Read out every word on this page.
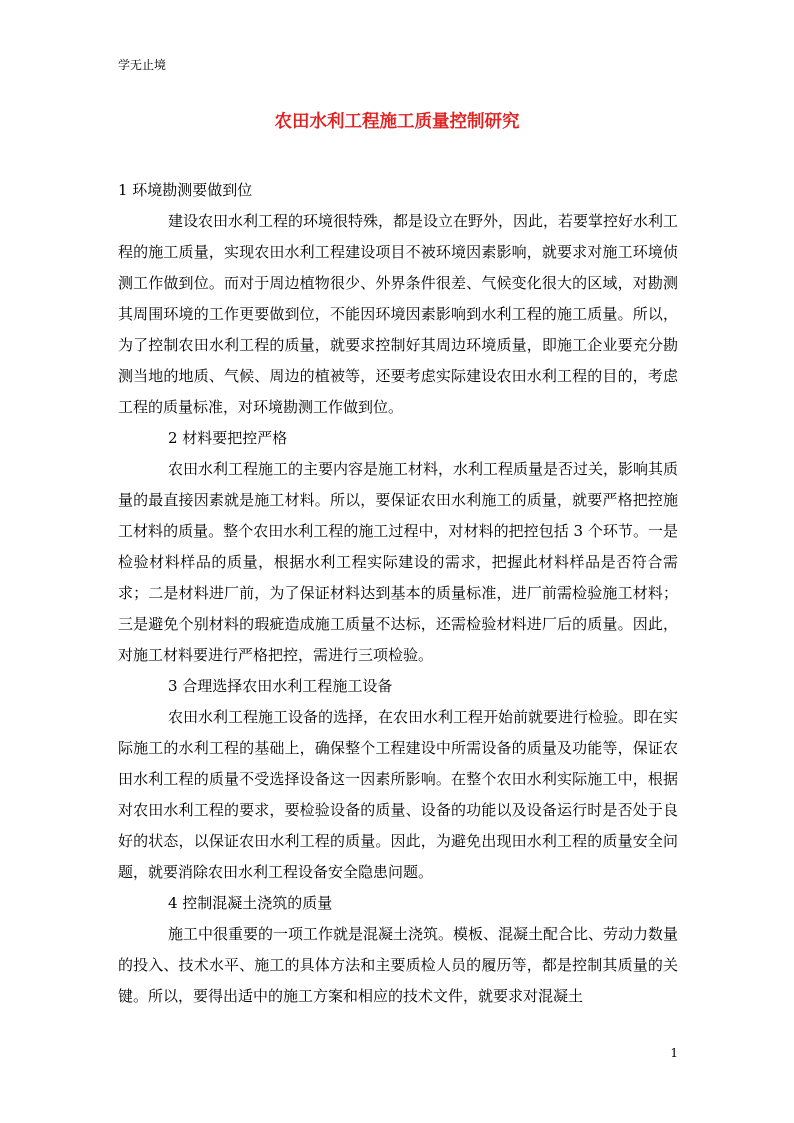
学无止境
农田水利工程施工质量控制研究

1 环境勘测要做到位

建设农田水利工程的环境很特殊，都是设立在野外，因此，若要掌控好水利工程的施工质量，实现农田水利工程建设项目不被环境因素影响，就要求对施工环境侦测工作做到位。而对于周边植物很少、外界条件很差、气候变化很大的区域，对勘测其周围环境的工作更要做到位，不能因环境因素影响到水利工程的施工质量。所以，为了控制农田水利工程的质量，就要求控制好其周边环境质量，即施工企业要充分勘测当地的地质、气候、周边的植被等，还要考虑实际建设农田水利工程的目的，考虑工程的质量标准，对环境勘测工作做到位。

2 材料要把控严格

农田水利工程施工的主要内容是施工材料，水利工程质量是否过关，影响其质量的最直接因素就是施工材料。所以，要保证农田水利施工的质量，就要严格把控施工材料的质量。整个农田水利工程的施工过程中，对材料的把控包括 3 个环节。一是检验材料样品的质量，根据水利工程实际建设的需求，把握此材料样品是否符合需求；二是材料进厂前，为了保证材料达到基本的质量标准，进厂前需检验施工材料；三是避免个别材料的瑕疵造成施工质量不达标，还需检验材料进厂后的质量。因此，对施工材料要进行严格把控，需进行三项检验。

3 合理选择农田水利工程施工设备

农田水利工程施工设备的选择，在农田水利工程开始前就要进行检验。即在实际施工的水利工程的基础上，确保整个工程建设中所需设备的质量及功能等，保证农田水利工程的质量不受选择设备这一因素所影响。在整个农田水利实际施工中，根据对农田水利工程的要求，要检验设备的质量、设备的功能以及设备运行时是否处于良好的状态，以保证农田水利工程的质量。因此，为避免出现田水利工程的质量安全问题，就要消除农田水利工程设备安全隐患问题。

4 控制混凝土浇筑的质量

施工中很重要的一项工作就是混凝土浇筑。模板、混凝土配合比、劳动力数量的投入、技术水平、施工的具体方法和主要质检人员的履历等，都是控制其质量的关键。所以，要得出适中的施工方案和相应的技术文件，就要求对混凝土

1
